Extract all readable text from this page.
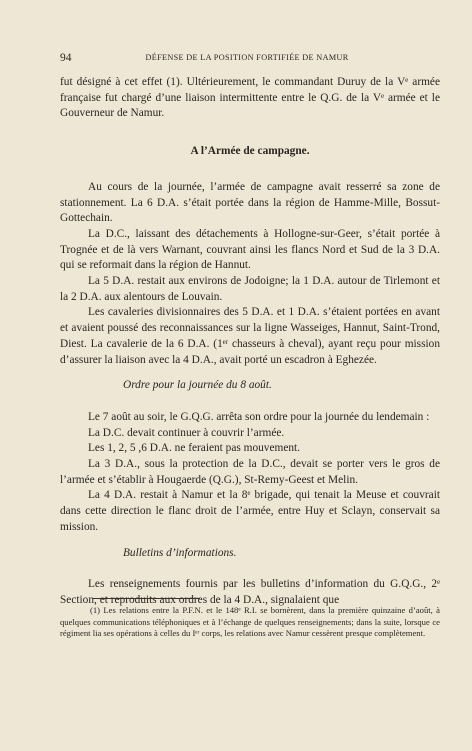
94	DÉFENSE DE LA POSITION FORTIFIÉE DE NAMUR

fut désigné à cet effet (1). Ultérieurement, le commandant Duruy de la Vᵉ armée française fut chargé d’une liaison intermittente entre le Q.G. de la Vᵉ armée et le Gouverneur de Namur.

A l’Armée de campagne.

Au cours de la journée, l’armée de campagne avait resserré sa zone de stationnement. La 6 D.A. s’était portée dans la région de Hamme-Mille, Bossut-Gottechain.

La D.C., laissant des détachements à Hollogne-sur-Geer, s’était portée à Trognée et de là vers Warnant, couvrant ainsi les flancs Nord et Sud de la 3 D.A. qui se reformait dans la région de Hannut.

La 5 D.A. restait aux environs de Jodoigne; la 1 D.A. autour de Tirlemont et la 2 D.A. aux alentours de Louvain.

Les cavaleries divisionnaires des 5 D.A. et 1 D.A. s’étaient portées en avant et avaient poussé des reconnaissances sur la ligne Wasseiges, Hannut, Saint-Trond, Diest. La cavalerie de la 6 D.A. (1ᵉʳ chasseurs à cheval), ayant reçu pour mission d’assurer la liaison avec la 4 D.A., avait porté un escadron à Eghezée.

Ordre pour la journée du 8 août.

Le 7 août au soir, le G.Q.G. arrêta son ordre pour la journée du lendemain :

La D.C. devait continuer à couvrir l’armée.

Les 1, 2, 5 ,6 D.A. ne feraient pas mouvement.

La 3 D.A., sous la protection de la D.C., devait se porter vers le gros de l’armée et s’établir à Hougaerde (Q.G.), St-Remy-Geest et Melin.

La 4 D.A. restait à Namur et la 8ᵉ brigade, qui tenait la Meuse et couvrait dans cette direction le flanc droit de l’armée, entre Huy et Sclayn, conservait sa mission.

Bulletins d’informations.

Les renseignements fournis par les bulletins d’information du G.Q.G., 2ᵉ Section, et reproduits aux ordres de la 4 D.A., signalaient que

(1) Les relations entre la P.F.N. et le 148ᵉ R.I. se bornèrent, dans la première quinzaine d’août, à quelques communications téléphoniques et à l’échange de quelques renseignements; dans la suite, lorsque ce régiment lia ses opérations à celles du Iᵉʳ corps, les relations avec Namur cessèrent presque complètement.
